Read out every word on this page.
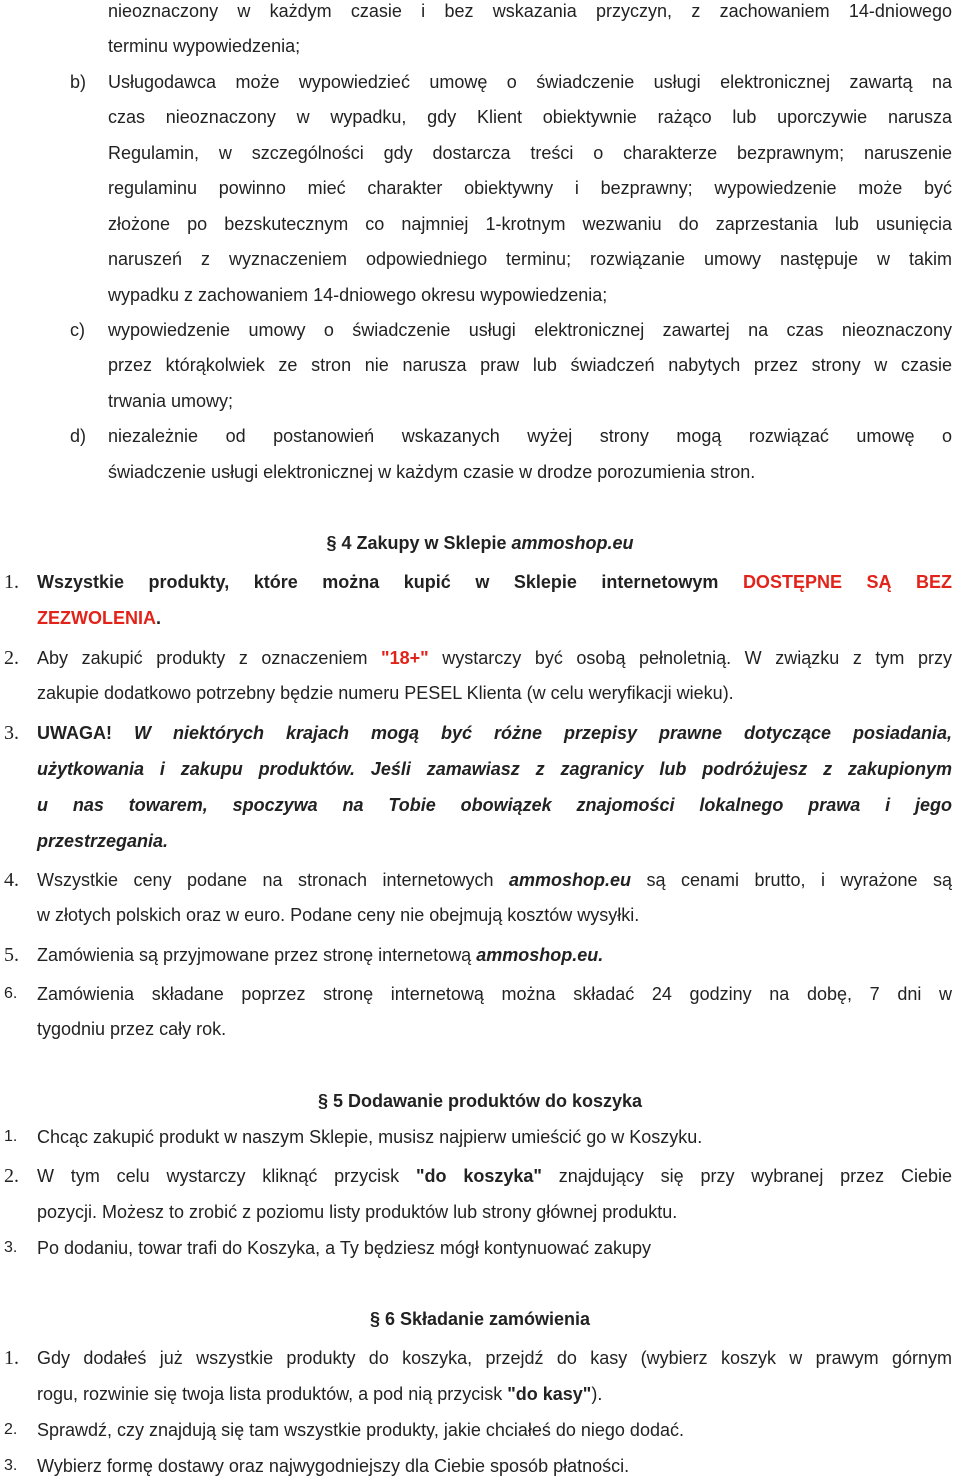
nieoznaczony w każdym czasie i bez wskazania przyczyn, z zachowaniem 14-dniowego
terminu wypowiedzenia;
b) Usługodawca może wypowiedzieć umowę o świadczenie usługi elektronicznej zawartą na
czas nieoznaczony w wypadku, gdy Klient obiektywnie rażąco lub uporczywie narusza
Regulamin, w szczególności gdy dostarcza treści o charakterze bezprawnym; naruszenie
regulaminu powinno mieć charakter obiektywny i bezprawny; wypowiedzenie może być
złożone po bezskutecznym co najmniej 1-krotnym wezwaniu do zaprzestania lub usunięcia
naruszeń z wyznaczeniem odpowiedniego terminu; rozwiązanie umowy następuje w takim
wypadku z zachowaniem 14-dniowego okresu wypowiedzenia;
c) wypowiedzenie umowy o świadczenie usługi elektronicznej zawartej na czas nieoznaczony
przez którąkolwiek ze stron nie narusza praw lub świadczeń nabytych przez strony w czasie
trwania umowy;
d) niezależnie od postanowień wskazanych wyżej strony mogą rozwiązać umowę o
świadczenie usługi elektronicznej w każdym czasie w drodze porozumienia stron.
§ 4 Zakupy w Sklepie ammoshop.eu
1. Wszystkie produkty, które można kupić w Sklepie internetowym DOSTĘPNE SĄ BEZ
ZEZWOLENIA.
2. Aby zakupić produkty z oznaczeniem "18+" wystarczy być osobą pełnoletnią. W związku z tym przy
zakupie dodatkowo potrzebny będzie numeru PESEL Klienta (w celu weryfikacji wieku).
3. UWAGA! W niektórych krajach mogą być różne przepisy prawne dotyczące posiadania,
użytkowania i zakupu produktów. Jeśli zamawiasz z zagranicy lub podróżujesz z zakupionym
u nas towarem, spoczywa na Tobie obowiązek znajomości lokalnego prawa i jego
przestrzegania.
4. Wszystkie ceny podane na stronach internetowych ammoshop.eu są cenami brutto, i wyrażone są
w złotych polskich oraz w euro. Podane ceny nie obejmują kosztów wysyłki.
5. Zamówienia są przyjmowane przez stronę internetową ammoshop.eu.
6. Zamówienia składane poprzez stronę internetową można składać 24 godziny na dobę, 7 dni w
tygodniu przez cały rok.
§ 5 Dodawanie produktów do koszyka
1. Chcąc zakupić produkt w naszym Sklepie, musisz najpierw umieścić go w Koszyku.
2. W tym celu wystarczy kliknąć przycisk "do koszyka" znajdujący się przy wybranej przez Ciebie
pozycji. Możesz to zrobić z poziomu listy produktów lub strony głównej produktu.
3. Po dodaniu, towar trafi do Koszyka, a Ty będziesz mógł kontynuować zakupy
§ 6 Składanie zamówienia
1. Gdy dodałeś już wszystkie produkty do koszyka, przejdź do kasy (wybierz koszyk w prawym górnym
rogu, rozwinie się twoja lista produktów, a pod nią przycisk "do kasy").
2. Sprawdź, czy znajdują się tam wszystkie produkty, jakie chciałeś do niego dodać.
3. Wybierz formę dostawy oraz najwygodniejszy dla Ciebie sposób płatności.
